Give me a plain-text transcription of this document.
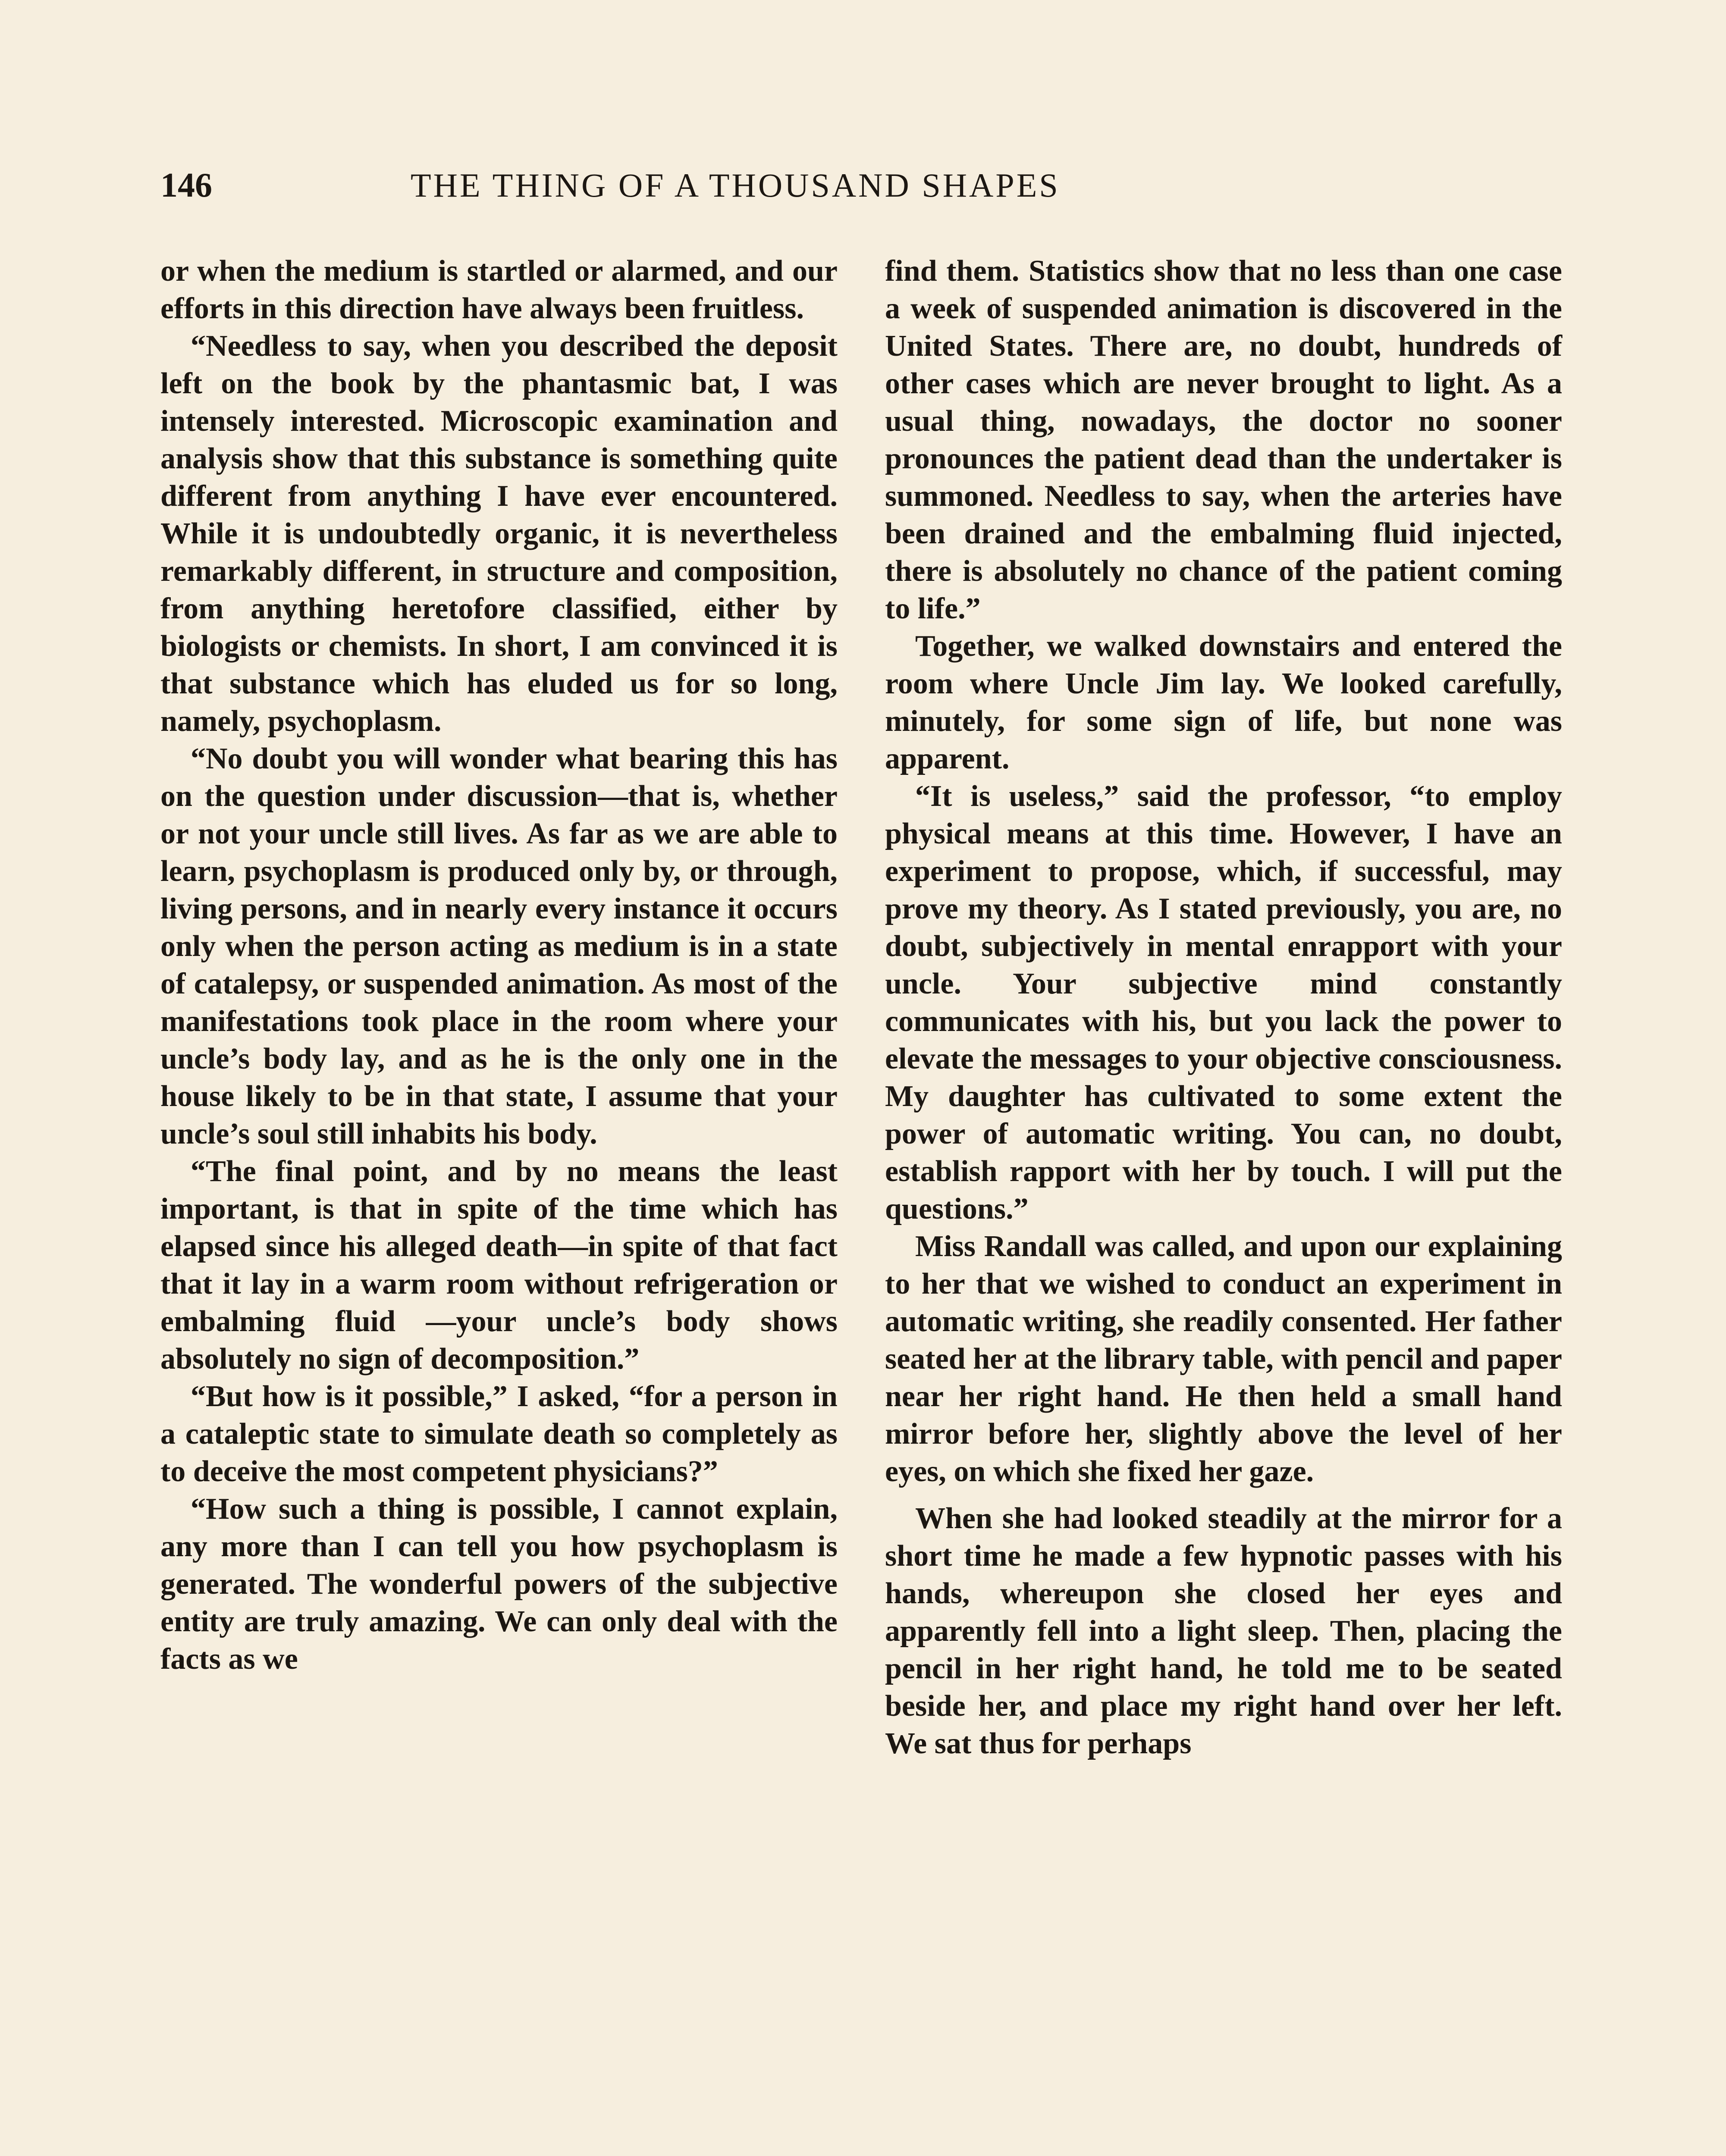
146	THE THING OF A THOUSAND SHAPES

or when the medium is startled or alarmed, and our efforts in this direction have always been fruitless.

“Needless to say, when you described the deposit left on the book by the phantasmic bat, I was intensely interested. Microscopic examination and analysis show that this substance is something quite different from anything I have ever encountered. While it is undoubtedly organic, it is nevertheless remarkably different, in structure and composition, from anything heretofore classified, either by biologists or chemists. In short, I am convinced it is that substance which has eluded us for so long, namely, psychoplasm.

“No doubt you will wonder what bearing this has on the question under discussion—that is, whether or not your uncle still lives. As far as we are able to learn, psychoplasm is produced only by, or through, living persons, and in nearly every instance it occurs only when the person acting as medium is in a state of catalepsy, or suspended animation. As most of the manifestations took place in the room where your uncle’s body lay, and as he is the only one in the house likely to be in that state, I assume that your uncle’s soul still inhabits his body.

“The final point, and by no means the least important, is that in spite of the time which has elapsed since his alleged death—in spite of that fact that it lay in a warm room without refrigeration or embalming fluid —your uncle’s body shows absolutely no sign of decomposition.”

“But how is it possible,” I asked, “for a person in a cataleptic state to simulate death so completely as to deceive the most competent physicians?”

“How such a thing is possible, I cannot explain, any more than I can tell you how psychoplasm is generated. The wonderful powers of the subjective entity are truly amazing. We can only deal with the facts as we

find them. Statistics show that no less than one case a week of suspended animation is discovered in the United States. There are, no doubt, hundreds of other cases which are never brought to light. As a usual thing, nowadays, the doctor no sooner pronounces the patient dead than the undertaker is summoned. Needless to say, when the arteries have been drained and the embalming fluid injected, there is absolutely no chance of the patient coming to life.”

Together, we walked downstairs and entered the room where Uncle Jim lay. We looked carefully, minutely, for some sign of life, but none was apparent.

“It is useless,” said the professor, “to employ physical means at this time. However, I have an experiment to propose, which, if successful, may prove my theory. As I stated previously, you are, no doubt, subjectively in mental enrapport with your uncle. Your subjective mind constantly communicates with his, but you lack the power to elevate the messages to your objective consciousness. My daughter has cultivated to some extent the power of automatic writing. You can, no doubt, establish rapport with her by touch. I will put the questions.”

Miss Randall was called, and upon our explaining to her that we wished to conduct an experiment in automatic writing, she readily consented. Her father seated her at the library table, with pencil and paper near her right hand. He then held a small hand mirror before her, slightly above the level of her eyes, on which she fixed her gaze.

When she had looked steadily at the mirror for a short time he made a few hypnotic passes with his hands, whereupon she closed her eyes and apparently fell into a light sleep. Then, placing the pencil in her right hand, he told me to be seated beside her, and place my right hand over her left. We sat thus for perhaps
